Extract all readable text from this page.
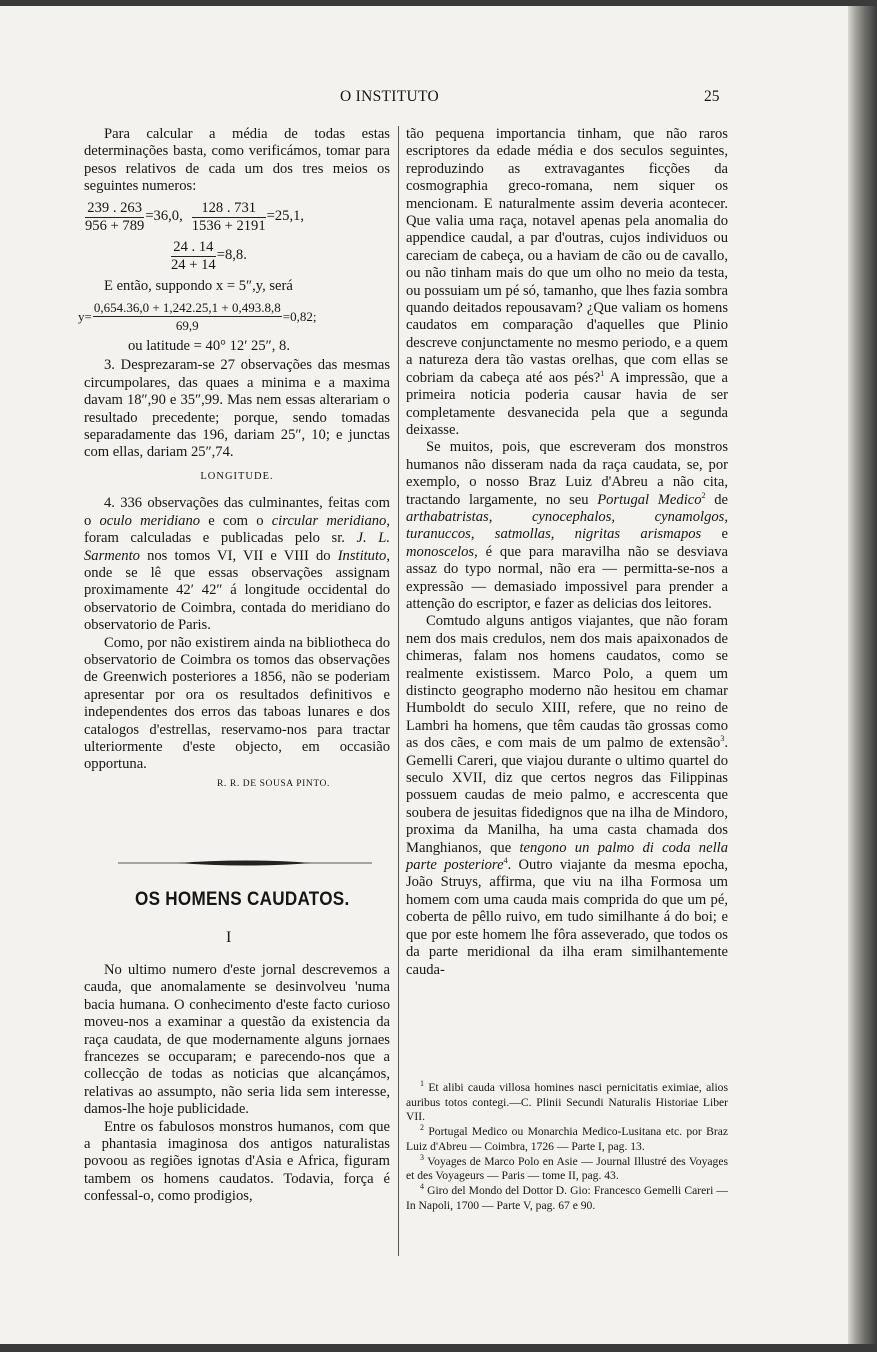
O INSTITUTO	25

Para calcular a média de todas estas determinações basta, como verificámos, tomar para pesos relativos de cada um dos tres meios os seguintes numeros:

$\frac{239 . 263}{956 + 789} =36,0$, $\frac{128 . 731}{1536 + 2191} =25,1$,
$\frac{24 . 14}{24 + 14} =8,8$.

E então, suppondo x = 5″,y, será

$y= \frac{0,654.36,0 + 1,242.25,1 + 0,493.8,8}{69,9} =0,82$;

ou latitude = 40° 12′ 25″, 8.

3. Desprezaram-se 27 observações das mesmas circumpolares, das quaes a minima e a maxima davam 18″,90 e 35″,99. Mas nem essas alterariam o resultado precedente; porque, sendo tomadas separadamente das 196, dariam 25″, 10; e junctas com ellas, dariam 25″,74.

LONGITUDE.

4. 336 observações das culminantes, feitas com o oculo meridiano e com o circular meridiano, foram calculadas e publicadas pelo sr. J. L. Sarmento nos tomos VI, VII e VIII do Instituto, onde se lê que essas observações assignam proximamente 42′ 42″ á longitude occidental do observatorio de Coimbra, contada do meridiano do observatorio de Paris.

Como, por não existirem ainda na bibliotheca do observatorio de Coimbra os tomos das observações de Greenwich posteriores a 1856, não se poderiam apresentar por ora os resultados definitivos e independentes dos erros das taboas lunares e dos catalogos d'estrellas, reservamo-nos para tractar ulteriormente d'este objecto, em occasião opportuna.

R. R. DE SOUSA PINTO.
OS HOMENS CAUDATOS.
I

No ultimo numero d'este jornal descrevemos a cauda, que anomalamente se desinvolveu 'numa bacia humana. O conhecimento d'este facto curioso moveu-nos a examinar a questão da existencia da raça caudata, de que modernamente alguns jornaes francezes se occuparam; e parecendo-nos que a collecção de todas as noticias que alcançámos, relativas ao assumpto, não seria lida sem interesse, damos-lhe hoje publicidade.

Entre os fabulosos monstros humanos, com que a phantasia imaginosa dos antigos naturalistas povoou as regiões ignotas d'Asia e Africa, figuram tambem os homens caudatos. Todavia, força é confessal-o, como prodigios,

tão pequena importancia tinham, que não raros escriptores da edade média e dos seculos seguintes, reproduzindo as extravagantes ficções da cosmographia greco-romana, nem siquer os mencionam. E naturalmente assim deveria acontecer. Que valia uma raça, notavel apenas pela anomalia do appendice caudal, a par d'outras, cujos individuos ou careciam de cabeça, ou a haviam de cão ou de cavallo, ou não tinham mais do que um olho no meio da testa, ou possuiam um pé só, tamanho, que lhes fazia sombra quando deitados repousavam? ¿Que valiam os homens caudatos em comparação d'aquelles que Plinio descreve conjunctamente no mesmo periodo, e a quem a natureza dera tão vastas orelhas, que com ellas se cobriam da cabeça até aos pés?$^1$ A impressão, que a primeira noticia poderia causar havia de ser completamente desvanecida pela que a segunda deixasse.

Se muitos, pois, que escreveram dos monstros humanos não disseram nada da raça caudata, se, por exemplo, o nosso Braz Luiz d'Abreu a não cita, tractando largamente, no seu Portugal Medico$^2$ de arthabatristas, cynocephalos, cynamolgos, turanuccos, satmollas, nigritas arismapos e monoscelos, é que para maravilha não se desviava assaz do typo normal, não era — permitta-se-nos a expressão — demasiado impossivel para prender a attenção do escriptor, e fazer as delicias dos leitores.

Comtudo alguns antigos viajantes, que não foram nem dos mais credulos, nem dos mais apaixonados de chimeras, falam nos homens caudatos, como se realmente existissem. Marco Polo, a quem um distincto geographo moderno não hesitou em chamar Humboldt do seculo XIII, refere, que no reino de Lambri ha homens, que têm caudas tão grossas como as dos cães, e com mais de um palmo de extensão$^3$. Gemelli Careri, que viajou durante o ultimo quartel do seculo XVII, diz que certos negros das Filippinas possuem caudas de meio palmo, e accrescenta que soubera de jesuitas fidedignos que na ilha de Mindoro, proxima da Manilha, ha uma casta chamada dos Manghianos, que tengono un palmo di coda nella parte posteriore$^4$. Outro viajante da mesma epocha, João Struys, affirma, que viu na ilha Formosa um homem com uma cauda mais comprida do que um pé, coberta de pêllo ruivo, em tudo similhante á do boi; e que por este homem lhe fôra asseverado, que todos os da parte meridional da ilha eram similhantemente cauda-

$^1$ Et alibi cauda villosa homines nasci pernicitatis eximiae, alios auribus totos contegi.—C. Plinii Secundi Naturalis Historiae Liber VII.

$^2$ Portugal Medico ou Monarchia Medico-Lusitana etc. por Braz Luiz d'Abreu — Coimbra, 1726 — Parte I, pag. 13.

$^3$ Voyages de Marco Polo en Asie — Journal Illustré des Voyages et des Voyageurs — Paris — tome II, pag. 43.

$^4$ Giro del Mondo del Dottor D. Gio: Francesco Gemelli Careri — In Napoli, 1700 — Parte V, pag. 67 e 90.
